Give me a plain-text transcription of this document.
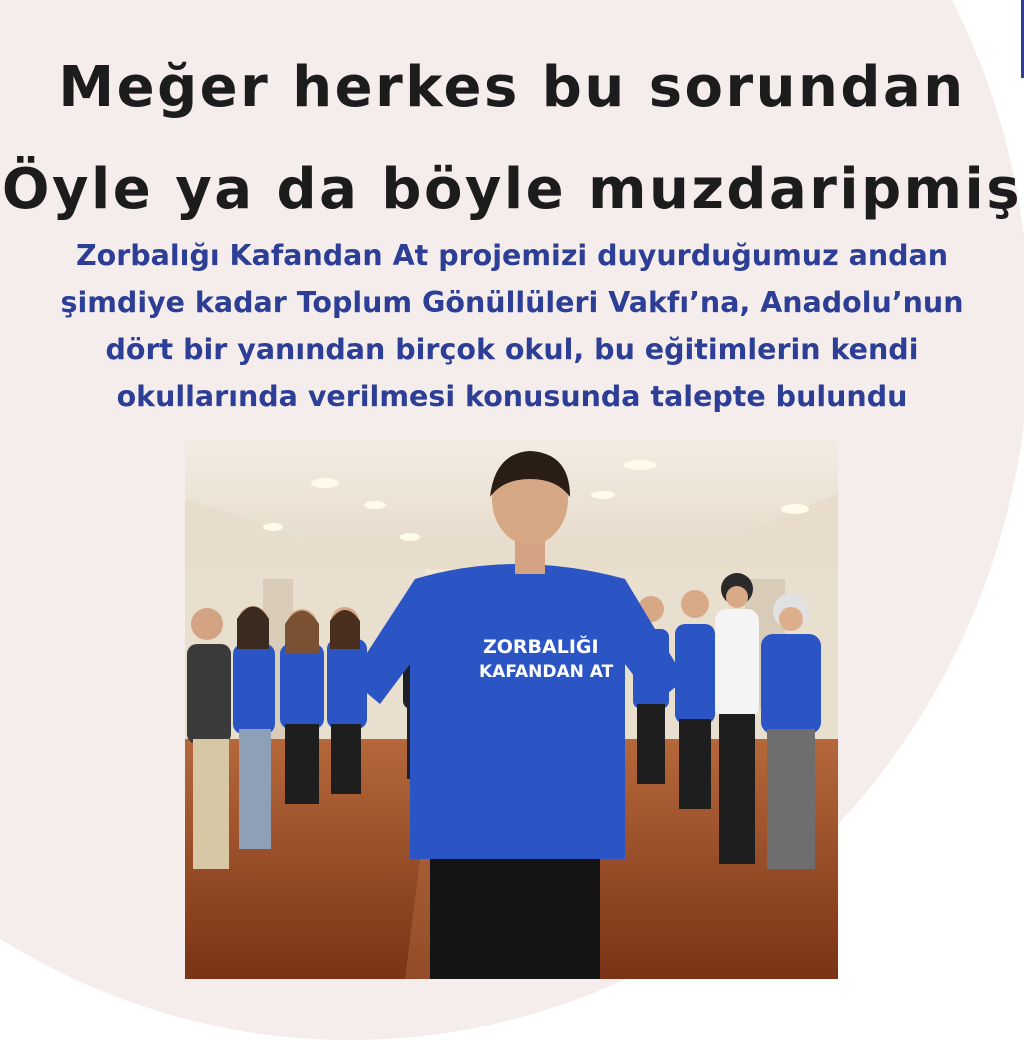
Meğer herkes bu sorundan
Öyle ya da böyle muzdaripmiş

Zorbalığı Kafandan At projemizi duyurduğumuz andan
şimdiye kadar Toplum Gönüllüleri Vakfı’na, Anadolu’nun
dört bir yanından birçok okul, bu eğitimlerin kendi
okullarında verilmesi konusunda talepte bulundu

ZORBALIĞI
KAFANDAN AT
